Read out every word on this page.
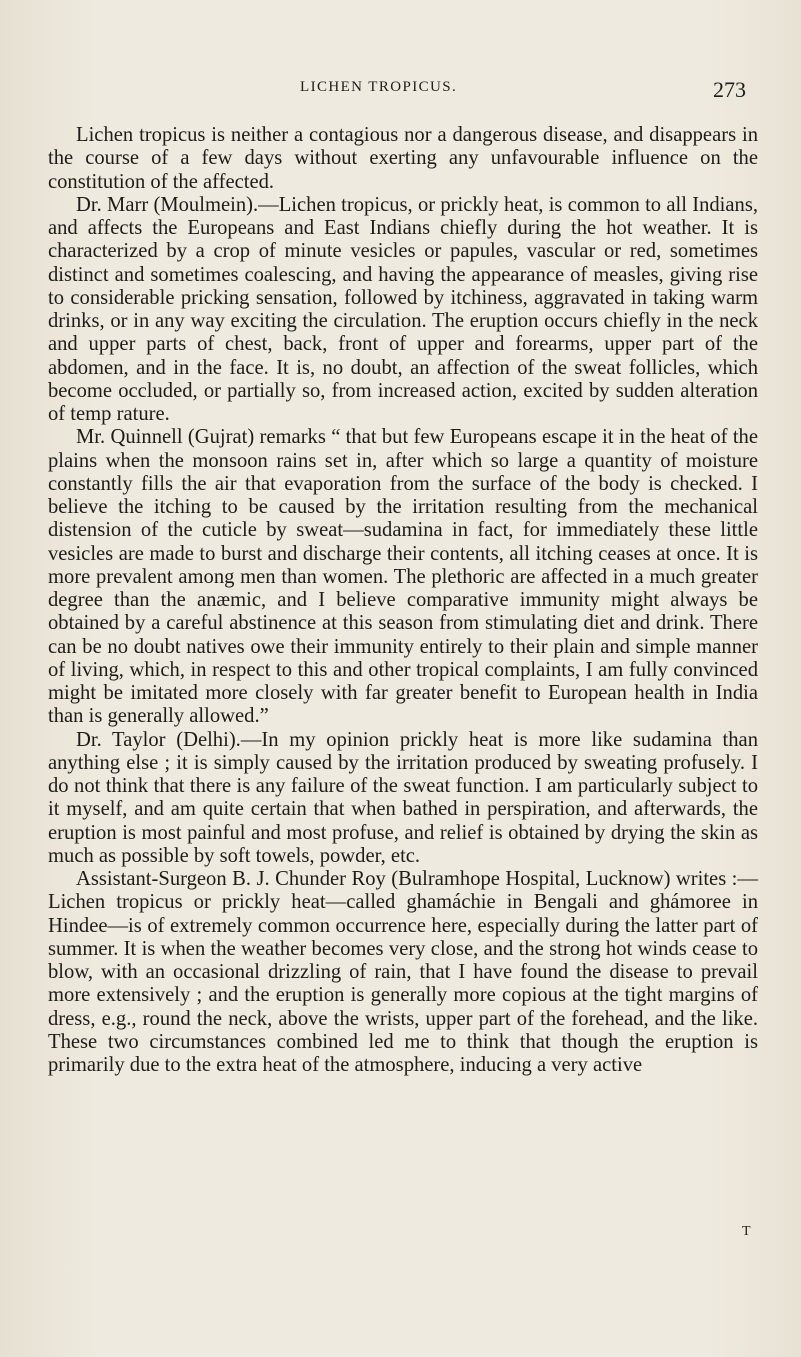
LICHEN TROPICUS.	273

Lichen tropicus is neither a contagious nor a dangerous disease, and disappears in the course of a few days without exerting any unfavourable influence on the constitution of the affected.

Dr. Marr (Moulmein).—Lichen tropicus, or prickly heat, is common to all Indians, and affects the Europeans and East Indians chiefly during the hot weather. It is characterized by a crop of minute vesicles or papules, vascular or red, sometimes distinct and sometimes coalescing, and having the appearance of measles, giving rise to considerable pricking sensation, followed by itchiness, aggravated in taking warm drinks, or in any way exciting the circulation. The eruption occurs chiefly in the neck and upper parts of chest, back, front of upper and forearms, upper part of the abdomen, and in the face. It is, no doubt, an affection of the sweat follicles, which become occluded, or partially so, from increased action, excited by sudden alteration of temp rature.

Mr. Quinnell (Gujrat) remarks “ that but few Europeans escape it in the heat of the plains when the monsoon rains set in, after which so large a quantity of moisture constantly fills the air that evaporation from the surface of the body is checked. I believe the itching to be caused by the irritation resulting from the mechanical distension of the cuticle by sweat—sudamina in fact, for immediately these little vesicles are made to burst and discharge their contents, all itching ceases at once. It is more prevalent among men than women. The plethoric are affected in a much greater degree than the anæmic, and I believe comparative immunity might always be obtained by a careful abstinence at this season from stimulating diet and drink. There can be no doubt natives owe their immunity entirely to their plain and simple manner of living, which, in respect to this and other tropical complaints, I am fully convinced might be imitated more closely with far greater benefit to European health in India than is generally allowed.”

Dr. Taylor (Delhi).—In my opinion prickly heat is more like sudamina than anything else ; it is simply caused by the irritation produced by sweating profusely. I do not think that there is any failure of the sweat function. I am particularly subject to it myself, and am quite certain that when bathed in perspiration, and afterwards, the eruption is most painful and most profuse, and relief is obtained by drying the skin as much as possible by soft towels, powder, etc.

Assistant-Surgeon B. J. Chunder Roy (Bulramhope Hospital, Lucknow) writes :—Lichen tropicus or prickly heat—called ghamáchie in Bengali and ghámoree in Hindee—is of extremely common occurrence here, especially during the latter part of summer. It is when the weather becomes very close, and the strong hot winds cease to blow, with an occasional drizzling of rain, that I have found the disease to prevail more extensively ; and the eruption is generally more copious at the tight margins of dress, e.g., round the neck, above the wrists, upper part of the forehead, and the like. These two circumstances combined led me to think that though the eruption is primarily due to the extra heat of the atmosphere, inducing a very active

T
